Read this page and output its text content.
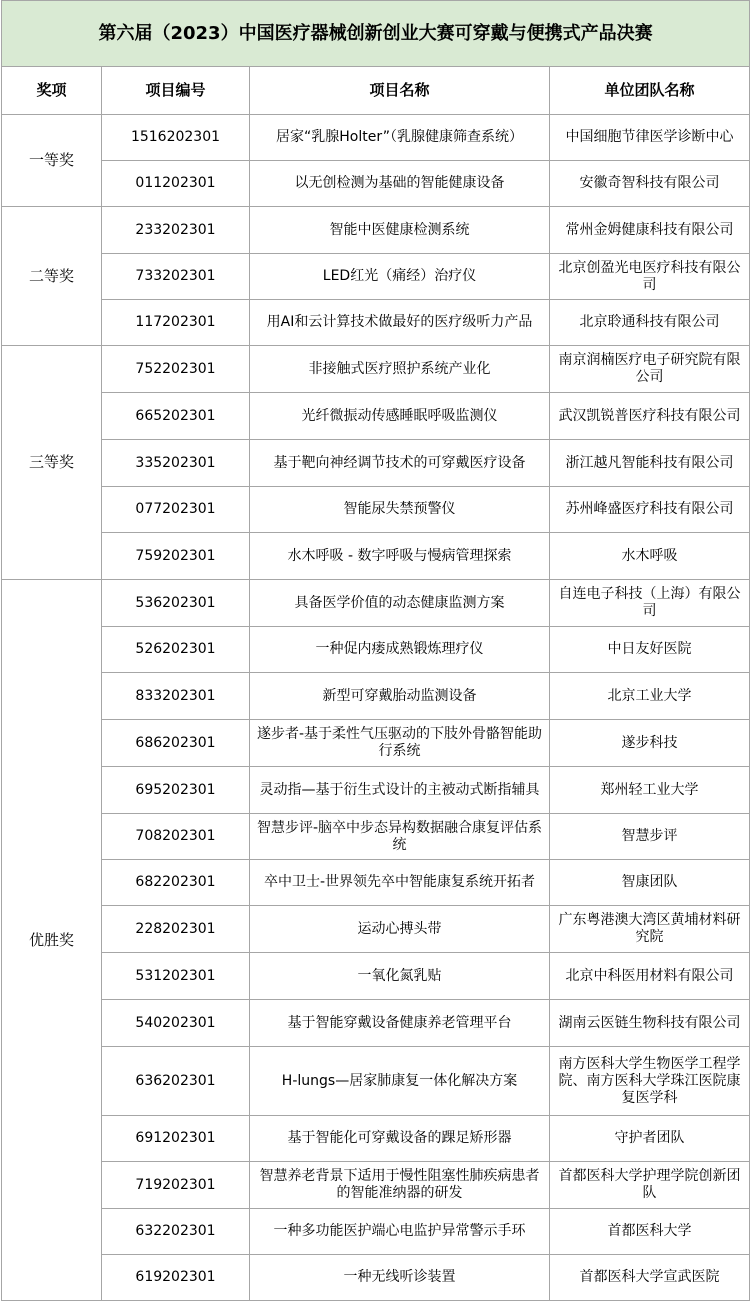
第六届（2023）中国医疗器械创新创业大赛可穿戴与便携式产品决赛			
奖项	项目编号	项目名称	单位团队名称
一等奖	1516202301	居家“乳腺Holter”（乳腺健康筛查系统）	中国细胞节律医学诊断中心
	011202301	以无创检测为基础的智能健康设备	安徽奇智科技有限公司
二等奖	233202301	智能中医健康检测系统	常州金姆健康科技有限公司
	733202301	LED红光（痛经）治疗仪	北京创盈光电医疗科技有限公司
	117202301	用AI和云计算技术做最好的医疗级听力产品	北京聆通科技有限公司
三等奖	752202301	非接触式医疗照护系统产业化	南京润楠医疗电子研究院有限公司
	665202301	光纤微振动传感睡眠呼吸监测仪	武汉凯锐普医疗科技有限公司
	335202301	基于靶向神经调节技术的可穿戴医疗设备	浙江越凡智能科技有限公司
	077202301	智能尿失禁预警仪	苏州峰盛医疗科技有限公司
	759202301	水木呼吸 - 数字呼吸与慢病管理探索	水木呼吸
优胜奖	536202301	具备医学价值的动态健康监测方案	自连电子科技（上海）有限公司
	526202301	一种促内瘘成熟锻炼理疗仪	中日友好医院
	833202301	新型可穿戴胎动监测设备	北京工业大学
	686202301	遂步者-基于柔性气压驱动的下肢外骨骼智能助行系统	遂步科技
	695202301	灵动指—基于衍生式设计的主被动式断指辅具	郑州轻工业大学
	708202301	智慧步评-脑卒中步态异构数据融合康复评估系统	智慧步评
	682202301	卒中卫士-世界领先卒中智能康复系统开拓者	智康团队
	228202301	运动心搏头带	广东粤港澳大湾区黄埔材料研究院
	531202301	一氧化氮乳贴	北京中科医用材料有限公司
	540202301	基于智能穿戴设备健康养老管理平台	湖南云医链生物科技有限公司
	636202301	H-lungs—居家肺康复一体化解决方案	南方医科大学生物医学工程学院、南方医科大学珠江医院康复医学科
	691202301	基于智能化可穿戴设备的踝足矫形器	守护者团队
	719202301	智慧养老背景下适用于慢性阻塞性肺疾病患者的智能准纳器的研发	首都医科大学护理学院创新团队
	632202301	一种多功能医护端心电监护异常警示手环	首都医科大学
	619202301	一种无线听诊装置	首都医科大学宣武医院
